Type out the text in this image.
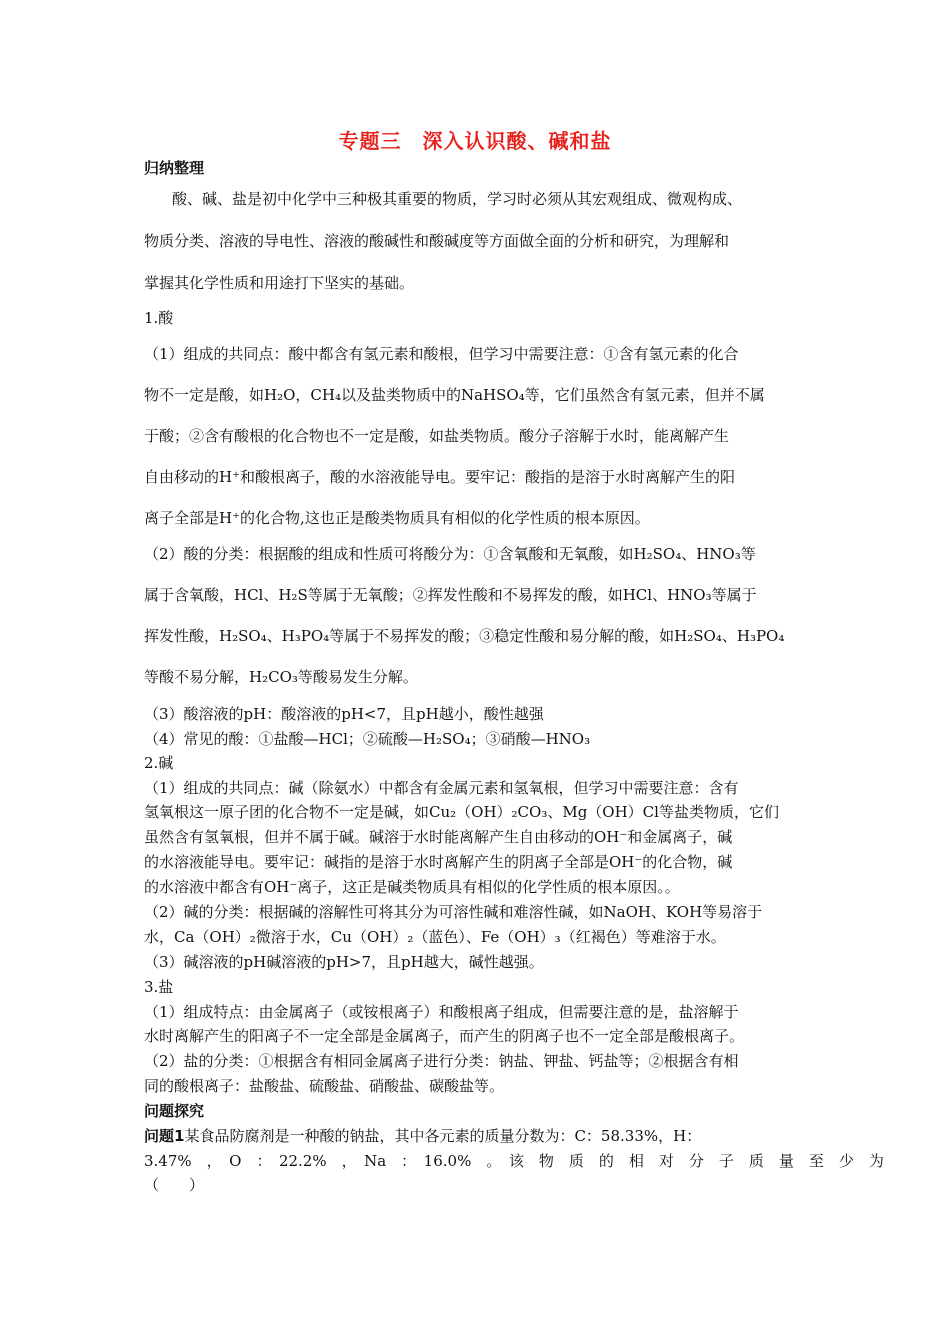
专题三　深入认识酸、碱和盐
归纳整理
酸、碱、盐是初中化学中三种极其重要的物质，学习时必须从其宏观组成、微观构成、
物质分类、溶液的导电性、溶液的酸碱性和酸碱度等方面做全面的分析和研究，为理解和
掌握其化学性质和用途打下坚实的基础。
1.酸
（1）组成的共同点：酸中都含有氢元素和酸根，但学习中需要注意：①含有氢元素的化合
物不一定是酸，如H₂O，CH₄以及盐类物质中的NaHSO₄等，它们虽然含有氢元素，但并不属
于酸；②含有酸根的化合物也不一定是酸，如盐类物质。酸分子溶解于水时，能离解产生
自由移动的H⁺和酸根离子，酸的水溶液能导电。要牢记：酸指的是溶于水时离解产生的阳
离子全部是H⁺的化合物,这也正是酸类物质具有相似的化学性质的根本原因。
（2）酸的分类：根据酸的组成和性质可将酸分为：①含氧酸和无氧酸，如H₂SO₄、HNO₃等
属于含氧酸，HCl、H₂S等属于无氧酸；②挥发性酸和不易挥发的酸，如HCl、HNO₃等属于
挥发性酸，H₂SO₄、H₃PO₄等属于不易挥发的酸；③稳定性酸和易分解的酸，如H₂SO₄、H₃PO₄
等酸不易分解，H₂CO₃等酸易发生分解。
（3）酸溶液的pH：酸溶液的pH<7，且pH越小，酸性越强
（4）常见的酸：①盐酸—HCl；②硫酸—H₂SO₄；③硝酸—HNO₃
2.碱
（1）组成的共同点：碱（除氨水）中都含有金属元素和氢氧根，但学习中需要注意：含有
氢氧根这一原子团的化合物不一定是碱，如Cu₂（OH）₂CO₃、Mg（OH）Cl等盐类物质，它们
虽然含有氢氧根，但并不属于碱。碱溶于水时能离解产生自由移动的OH⁻和金属离子，碱
的水溶液能导电。要牢记：碱指的是溶于水时离解产生的阴离子全部是OH⁻的化合物，碱
的水溶液中都含有OH⁻离子，这正是碱类物质具有相似的化学性质的根本原因。。
（2）碱的分类：根据碱的溶解性可将其分为可溶性碱和难溶性碱，如NaOH、KOH等易溶于
水，Ca（OH）₂微溶于水，Cu（OH）₂（蓝色）、Fe（OH）₃（红褐色）等难溶于水。
（3）碱溶液的pH碱溶液的pH>7，且pH越大，碱性越强。
3.盐
（1）组成特点：由金属离子（或铵根离子）和酸根离子组成，但需要注意的是，盐溶解于
水时离解产生的阳离子不一定全部是金属离子，而产生的阴离子也不一定全部是酸根离子。
（2）盐的分类：①根据含有相同金属离子进行分类：钠盐、钾盐、钙盐等；②根据含有相
同的酸根离子：盐酸盐、硫酸盐、硝酸盐、碳酸盐等。
问题探究
问题1某食品防腐剂是一种酸的钠盐，其中各元素的质量分数为：C：58.33%，H：
3.47%　，　O　：　22.2%　，　Na　：　16.0%　。　该　物　质　的　相　对　分　子　质　量　至　少　为
（　　）
